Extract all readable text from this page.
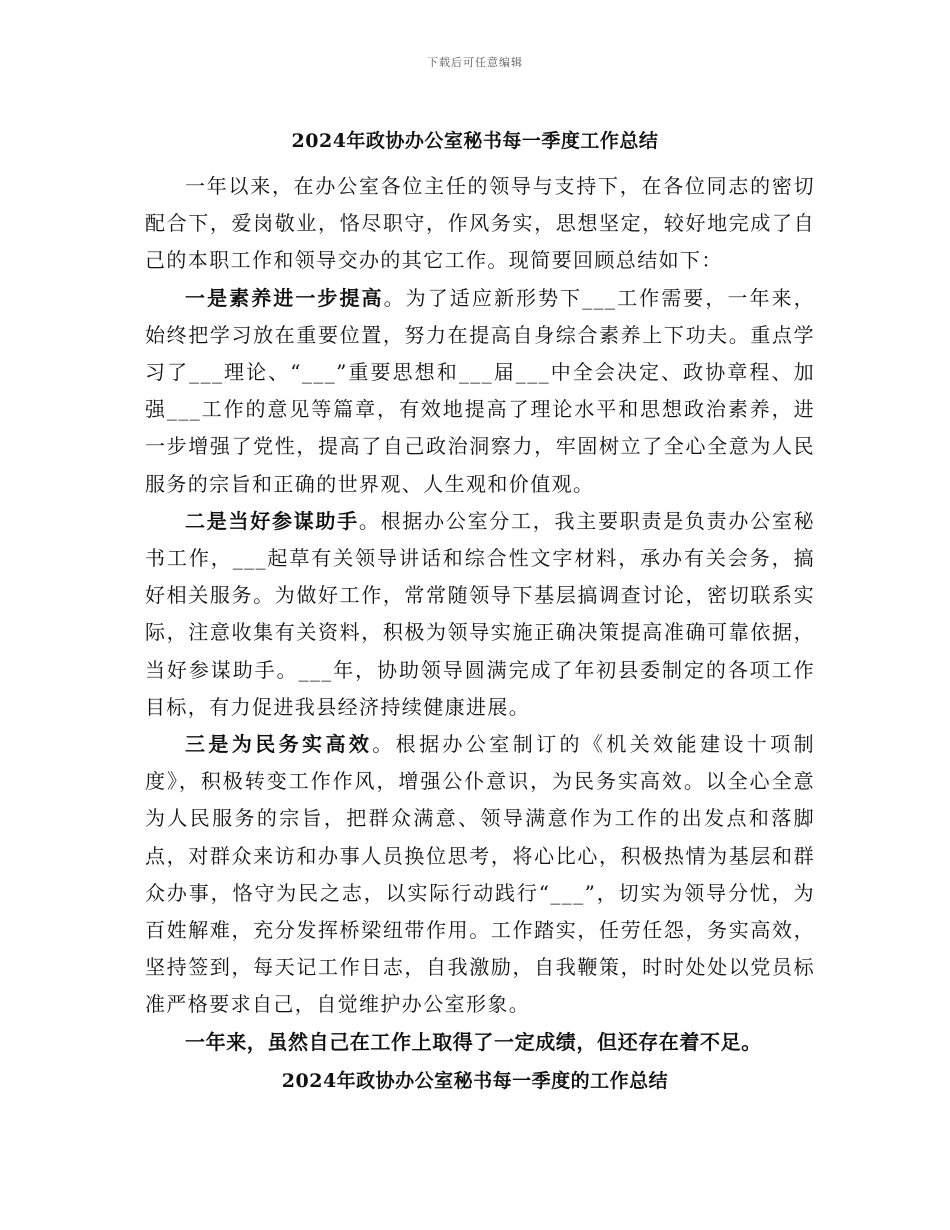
下载后可任意编辑
2024年政协办公室秘书每一季度工作总结

一年以来，在办公室各位主任的领导与支持下，在各位同志的密切配合下，爱岗敬业，恪尽职守，作风务实，思想坚定，较好地完成了自己的本职工作和领导交办的其它工作。现简要回顾总结如下：

一是素养进一步提高。为了适应新形势下___工作需要，一年来，始终把学习放在重要位置，努力在提高自身综合素养上下功夫。重点学习了___理论、“___”重要思想和___届___中全会决定、政协章程、加强___工作的意见等篇章，有效地提高了理论水平和思想政治素养，进一步增强了党性，提高了自己政治洞察力，牢固树立了全心全意为人民服务的宗旨和正确的世界观、人生观和价值观。

二是当好参谋助手。根据办公室分工，我主要职责是负责办公室秘书工作，___起草有关领导讲话和综合性文字材料，承办有关会务，搞好相关服务。为做好工作，常常随领导下基层搞调查讨论，密切联系实际，注意收集有关资料，积极为领导实施正确决策提高准确可靠依据，当好参谋助手。___年，协助领导圆满完成了年初县委制定的各项工作目标，有力促进我县经济持续健康进展。

三是为民务实高效。根据办公室制订的《机关效能建设十项制度》，积极转变工作作风，增强公仆意识，为民务实高效。以全心全意为人民服务的宗旨，把群众满意、领导满意作为工作的出发点和落脚点，对群众来访和办事人员换位思考，将心比心，积极热情为基层和群众办事，恪守为民之志，以实际行动践行“___”，切实为领导分忧，为百姓解难，充分发挥桥梁纽带作用。工作踏实，任劳任怨，务实高效，坚持签到，每天记工作日志，自我激励，自我鞭策，时时处处以党员标准严格要求自己，自觉维护办公室形象。

一年来，虽然自己在工作上取得了一定成绩，但还存在着不足。

2024年政协办公室秘书每一季度的工作总结
